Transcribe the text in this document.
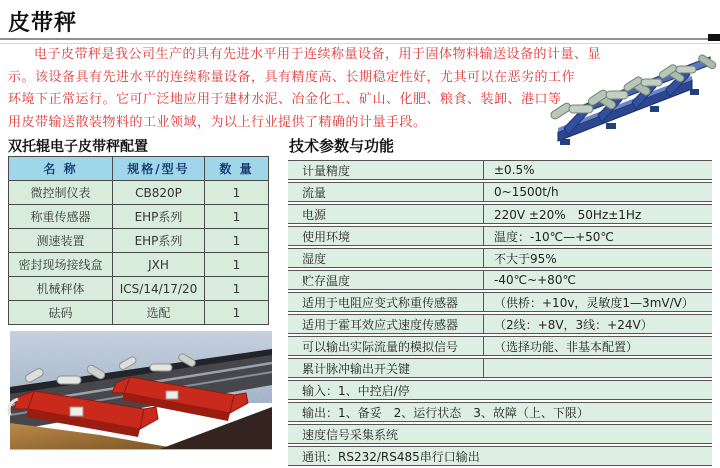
皮带秤
电子皮带秤是我公司生产的具有先进水平用于连续称量设备，用于固体物料输送设备的计量、显
示。该设备具有先进水平的连续称量设备，具有精度高、长期稳定性好，尤其可以在恶劣的工作
环境下正常运行。它可广泛地应用于建材水泥、冶金化工、矿山、化肥、粮食、装卸、港口等
用皮带输送散装物料的工业领域，为以上行业提供了精确的计量手段。
双托辊电子皮带秤配置
名 称	规格/型号	数 量
微控制仪表	CB820P	1
称重传感器	EHP系列	1
测速装置	EHP系列	1
密封现场接线盒	JXH	1
机械秤体	ICS/14/17/20	1
砝码	选配	1
技术参数与功能
计量精度	±0.5%
流量	0~1500t/h
电源	220V ±20%　50Hz±1Hz
使用环境	温度：-10℃—+50℃
湿度	不大于95%
贮存温度	-40℃~+80℃
适用于电阻应变式称重传感器	（供桥：+10v，灵敏度1—3mV/V）
适用于霍耳效应式速度传感器	（2线：+8V，3线：+24V）
可以输出实际流量的模拟信号	（选择功能、非基本配置）
累计脉冲输出开关键
输入：1、中控启/停
输出：1、备妥　2、运行状态　3、故障（上、下限）
速度信号采集系统
通讯：RS232/RS485串行口输出
